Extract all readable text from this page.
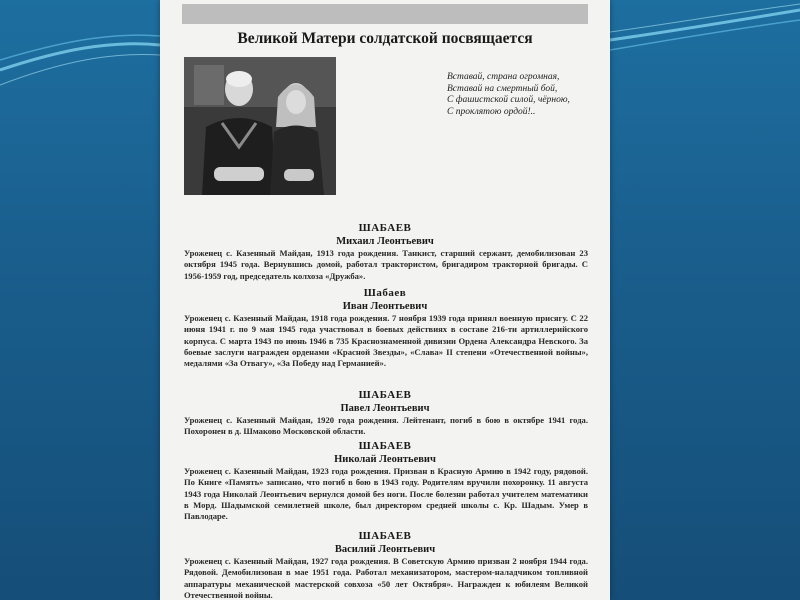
Великой Матери солдатской посвящается
Вставай, страна огромная,
Вставай на смертный бой,
С фашистской силой, чёрною,
С проклятою ордой!..
ШАБАЕВ
Михаил Леонтьевич
Уроженец с. Казенный Майдан, 1913 года рождения. Танкист, старший сержант, демобилизован 23 октября 1945 года. Вернувшись домой, работал трактористом, бригадиром тракторной бригады. С 1956-1959 год, председатель колхоза «Дружба».
Шабаев
Иван Леонтьевич
Уроженец с. Казенный Майдан, 1918 года рождения. 7 ноября 1939 года принял военную присягу. С 22 июня 1941 г. по 9 мая 1945 года участвовал в боевых действиях в составе 216-ти артиллерийского корпуса. С марта 1943 по июнь 1946 в 735 Краснознаменной дивизии Ордена Александра Невского. За боевые заслуги награжден орденами «Красной Звезды», «Слава» II степени «Отечественной войны», медалями «За Отвагу», «За Победу над Германией».
ШАБАЕВ
Павел Леонтьевич
Уроженец с. Казенный Майдан, 1920 года рождения. Лейтенант, погиб в бою в октябре 1941 года. Похоронен в д. Шмаково Московской области.
ШАБАЕВ
Николай Леонтьевич
Уроженец с. Казенный Майдан, 1923 года рождения. Призван в Красную Армию в 1942 году, рядовой. По Книге «Память» записано, что погиб в бою в 1943 году. Родителям вручили похоронку. 11 августа 1943 года Николай Леонтьевич вернулся домой без ноги. После болезни работал учителем математики в Морд. Шадымской семилетней школе, был директором средней школы с. Кр. Шадым. Умер в Павлодаре.
ШАБАЕВ
Василий Леонтьевич
Уроженец с. Казенный Майдан, 1927 года рождения. В Советскую Армию призван 2 ноября 1944 года. Рядовой. Демобилизован в мае 1951 года. Работал механизатором, мастером-наладчиком топливной аппаратуры механической мастерской совхоза «50 лет Октября». Награжден к юбилеям Великой Отечественной войны.
